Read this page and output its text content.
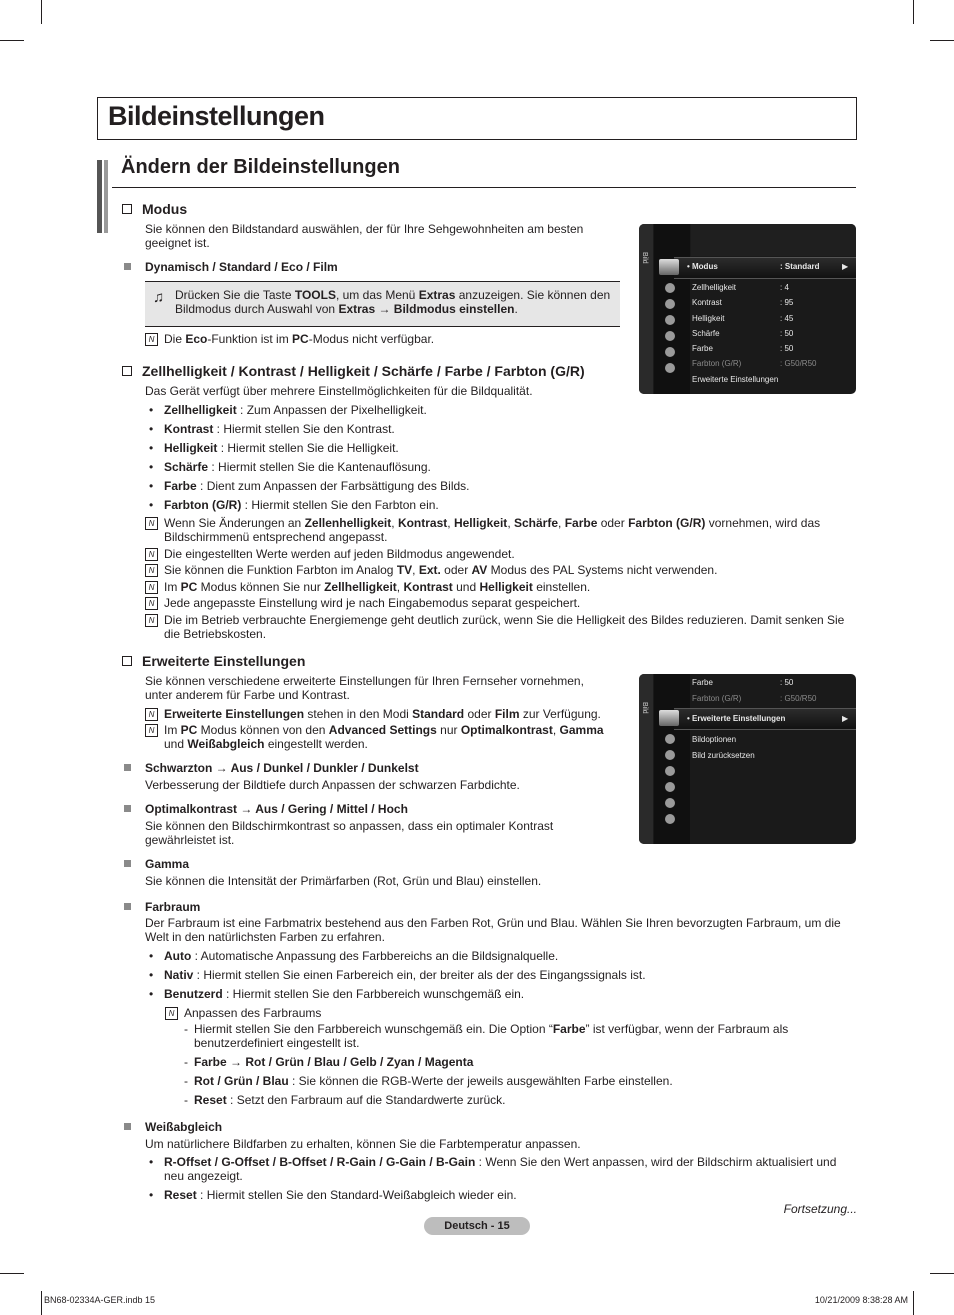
Bildeinstellungen
Ändern der Bildeinstellungen
Modus
Sie können den Bildstandard auswählen, der für Ihre Sehgewohnheiten am besten geeignet ist.
Dynamisch / Standard / Eco / Film
♫ Drücken Sie die Taste TOOLS, um das Menü Extras anzuzeigen. Sie können den Bildmodus durch Auswahl von Extras → Bildmodus einstellen.
N Die Eco-Funktion ist im PC-Modus nicht verfügbar.
Bild
• Modus	: Standard	▶
Zellhelligkeit	: 4
Kontrast	: 95
Helligkeit	: 45
Schärfe	: 50
Farbe	: 50
Farbton (G/R)	: G50/R50
Erweiterte Einstellungen
Zellhelligkeit / Kontrast / Helligkeit / Schärfe / Farbe / Farbton (G/R)
Das Gerät verfügt über mehrere Einstellmöglichkeiten für die Bildqualität.
• Zellhelligkeit : Zum Anpassen der Pixelhelligkeit.
• Kontrast : Hiermit stellen Sie den Kontrast.
• Helligkeit : Hiermit stellen Sie die Helligkeit.
• Schärfe : Hiermit stellen Sie die Kantenauflösung.
• Farbe : Dient zum Anpassen der Farbsättigung des Bilds.
• Farbton (G/R) : Hiermit stellen Sie den Farbton ein.
N Wenn Sie Änderungen an Zellenhelligkeit, Kontrast, Helligkeit, Schärfe, Farbe oder Farbton (G/R) vornehmen, wird das Bildschirmmenü entsprechend angepasst.
N Die eingestellten Werte werden auf jeden Bildmodus angewendet.
N Sie können die Funktion Farbton im Analog TV, Ext. oder AV Modus des PAL Systems nicht verwenden.
N Im PC Modus können Sie nur Zellhelligkeit, Kontrast und Helligkeit einstellen.
N Jede angepasste Einstellung wird je nach Eingabemodus separat gespeichert.
N Die im Betrieb verbrauchte Energiemenge geht deutlich zurück, wenn Sie die Helligkeit des Bildes reduzieren. Damit senken Sie die Betriebskosten.
Erweiterte Einstellungen
Sie können verschiedene erweiterte Einstellungen für Ihren Fernseher vornehmen, unter anderem für Farbe und Kontrast.
N Erweiterte Einstellungen stehen in den Modi Standard oder Film zur Verfügung.
N Im PC Modus können von den Advanced Settings nur Optimalkontrast, Gamma und Weißabgleich eingestellt werden.
Bild
Farbe	: 50
Farbton (G/R)	: G50/R50
• Erweiterte Einstellungen	▶
Bildoptionen
Bild zurücksetzen
Schwarzton → Aus / Dunkel / Dunkler / Dunkelst
Verbesserung der Bildtiefe durch Anpassen der schwarzen Farbdichte.
Optimalkontrast → Aus / Gering / Mittel / Hoch
Sie können den Bildschirmkontrast so anpassen, dass ein optimaler Kontrast gewährleistet ist.
Gamma
Sie können die Intensität der Primärfarben (Rot, Grün und Blau) einstellen.
Farbraum
Der Farbraum ist eine Farbmatrix bestehend aus den Farben Rot, Grün und Blau. Wählen Sie Ihren bevorzugten Farbraum, um die Welt in den natürlichsten Farben zu erfahren.
• Auto : Automatische Anpassung des Farbbereichs an die Bildsignalquelle.
• Nativ : Hiermit stellen Sie einen Farbereich ein, der breiter als der des Eingangssignals ist.
• Benutzerd : Hiermit stellen Sie den Farbbereich wunschgemäß ein.
N Anpassen des Farbraums
- Hiermit stellen Sie den Farbbereich wunschgemäß ein. Die Option “Farbe” ist verfügbar, wenn der Farbraum als benutzerdefiniert eingestellt ist.
- Farbe → Rot / Grün / Blau / Gelb / Zyan / Magenta
- Rot / Grün / Blau : Sie können die RGB-Werte der jeweils ausgewählten Farbe einstellen.
- Reset : Setzt den Farbraum auf die Standardwerte zurück.
Weißabgleich
Um natürlichere Bildfarben zu erhalten, können Sie die Farbtemperatur anpassen.
• R-Offset / G-Offset / B-Offset / R-Gain / G-Gain / B-Gain : Wenn Sie den Wert anpassen, wird der Bildschirm aktualisiert und neu angezeigt.
• Reset : Hiermit stellen Sie den Standard-Weißabgleich wieder ein.
Fortsetzung...
Deutsch - 15
BN68-02334A-GER.indb 15	10/21/2009 8:38:28 AM
